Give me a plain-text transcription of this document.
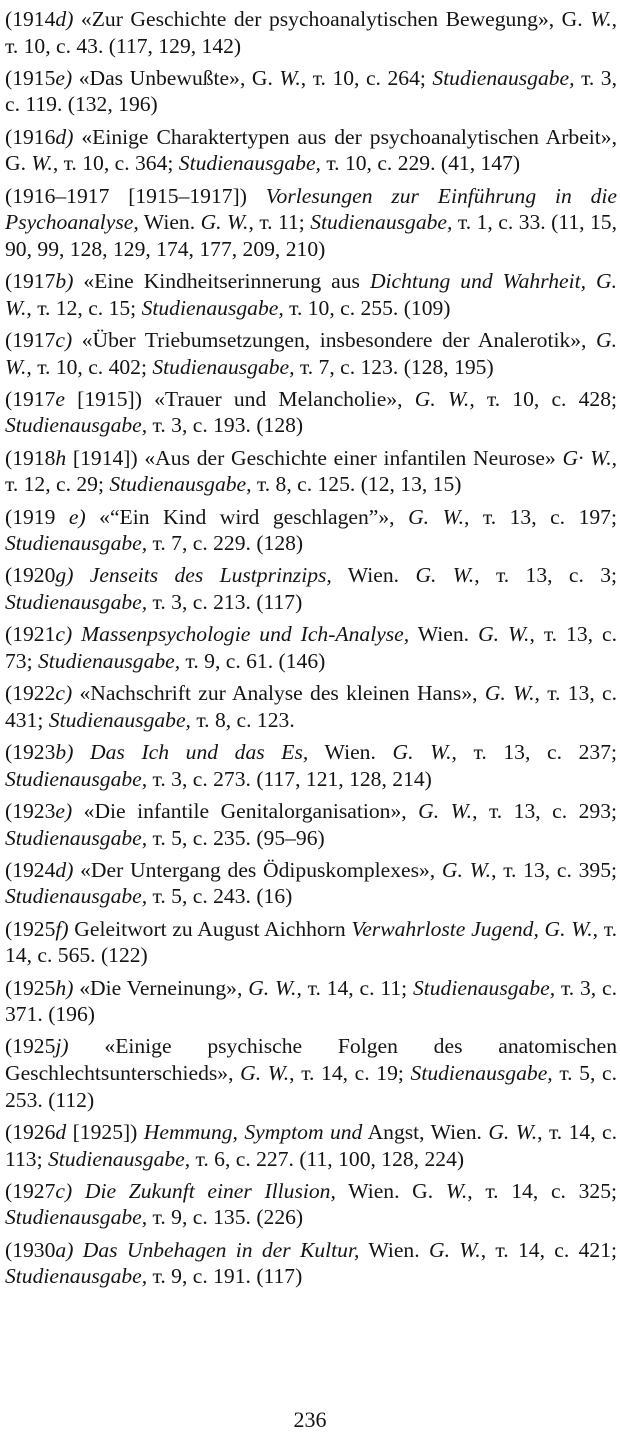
(1914d) «Zur Geschichte der psychoanalytischen Bewegung», G. W., т. 10, с. 43. (117, 129, 142)

(1915e) «Das Unbewußte», G. W., т. 10, с. 264; Studienausgabe, т. 3, с. 119. (132, 196)

(1916d) «Einige Charaktertypen aus der psychoanalytischen Arbeit», G. W., т. 10, с. 364; Studienausgabe, т. 10, с. 229. (41, 147)

(1916–1917 [1915–1917]) Vorlesungen zur Einführung in die Psychoanalyse, Wien. G. W., т. 11; Studienausgabe, т. 1, с. 33. (11, 15, 90, 99, 128, 129, 174, 177, 209, 210)

(1917b) «Eine Kindheitserinnerung aus Dichtung und Wahrheit, G. W., т. 12, с. 15; Studienausgabe, т. 10, с. 255. (109)

(1917c) «Über Triebumsetzungen, insbesondere der Analerotik», G. W., т. 10, с. 402; Studienausgabe, т. 7, с. 123. (128, 195)

(1917e [1915]) «Trauer und Melancholie», G. W., т. 10, с. 428; Studienausgabe, т. 3, с. 193. (128)

(1918h [1914]) «Aus der Geschichte einer infantilen Neurose» G· W., т. 12, с. 29; Studienausgabe, т. 8, с. 125. (12, 13, 15)

(1919 e) «“Ein Kind wird geschlagen”», G. W., т. 13, с. 197; Studienausgabe, т. 7, с. 229. (128)

(1920g) Jenseits des Lustprinzips, Wien. G. W., т. 13, с. 3; Studienausgabe, т. 3, с. 213. (117)

(1921c) Massenpsychologie und Ich-Analyse, Wien. G. W., т. 13, с. 73; Studienausgabe, т. 9, с. 61. (146)

(1922c) «Nachschrift zur Analyse des kleinen Hans», G. W., т. 13, с. 431; Studienausgabe, т. 8, с. 123.

(1923b) Das Ich und das Es, Wien. G. W., т. 13, с. 237; Studienausgabe, т. 3, с. 273. (117, 121, 128, 214)

(1923e) «Die infantile Genitalorganisation», G. W., т. 13, с. 293; Studienausgabe, т. 5, с. 235. (95–96)

(1924d) «Der Untergang des Ödipuskomplexes», G. W., т. 13, с. 395; Studienausgabe, т. 5, с. 243. (16)

(1925f) Geleitwort zu August Aichhorn Verwahrloste Jugend, G. W., т. 14, с. 565. (122)

(1925h) «Die Verneinung», G. W., т. 14, с. 11; Studienausgabe, т. 3, с. 371. (196)

(1925j) «Einige psychische Folgen des anatomischen Geschlechtsunterschieds», G. W., т. 14, с. 19; Studienausgabe, т. 5, с. 253. (112)

(1926d [1925]) Hemmung, Symptom und Angst, Wien. G. W., т. 14, с. 113; Studienausgabe, т. 6, с. 227. (11, 100, 128, 224)

(1927c) Die Zukunft einer Illusion, Wien. G. W., т. 14, с. 325; Studienausgabe, т. 9, с. 135. (226)

(1930a) Das Unbehagen in der Kultur, Wien. G. W., т. 14, с. 421; Studienausgabe, т. 9, с. 191. (117)

236
